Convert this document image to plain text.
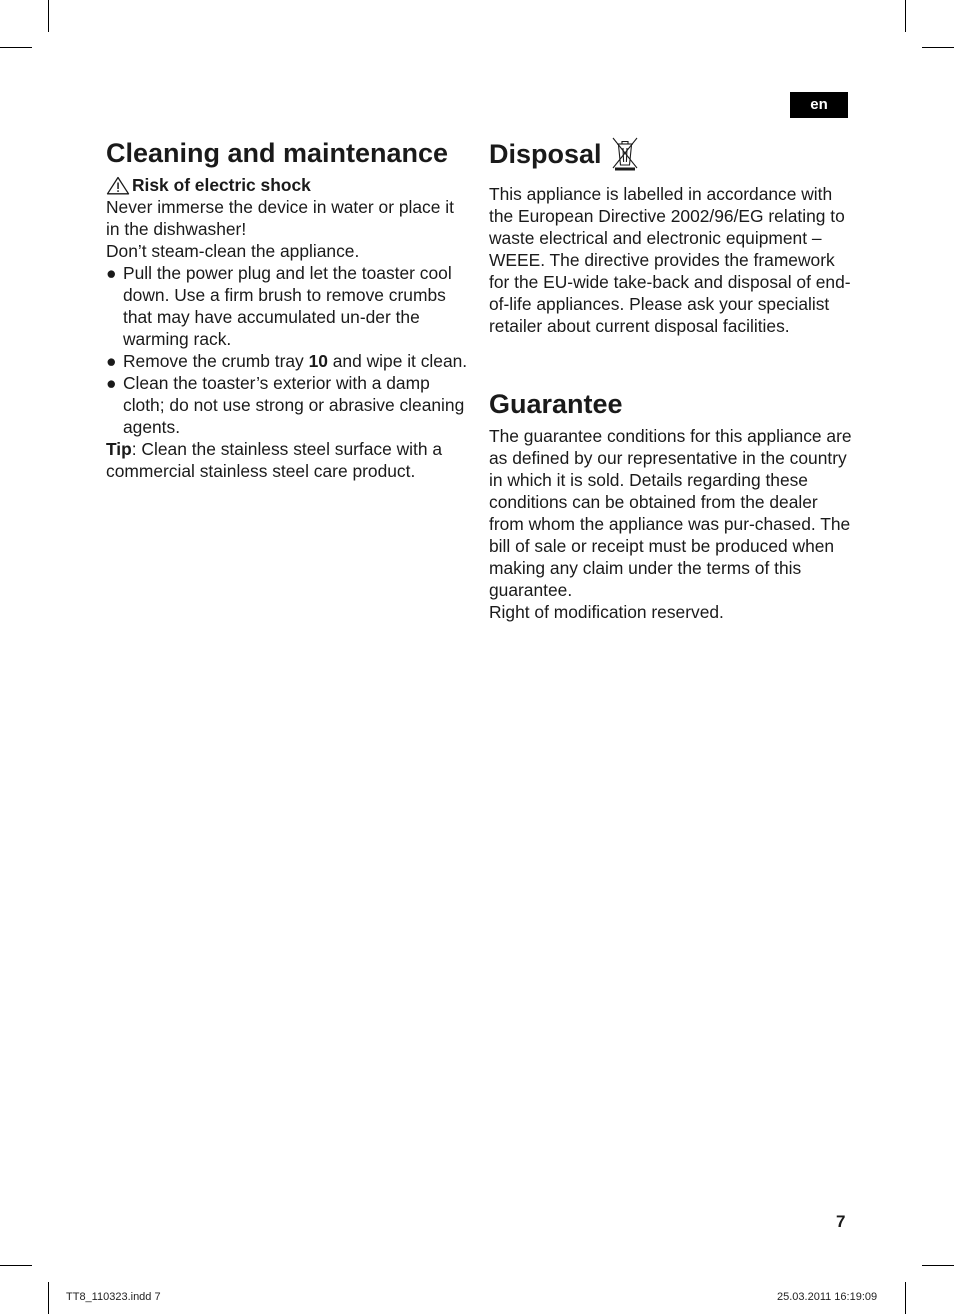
en
Cleaning and maintenance
Risk of electric shock

Never immerse the device in water or place it in the dishwasher!

Don’t steam-clean the appliance.

● Pull the power plug and let the toaster cool down. Use a firm brush to remove crumbs that may have accumulated un-der the warming rack.
● Remove the crumb tray 10 and wipe it clean.
● Clean the toaster’s exterior with a damp cloth; do not use strong or abrasive cleaning agents.

Tip: Clean the stainless steel surface with a commercial stainless steel care product.

Disposal

This appliance is labelled in accordance with the European Directive 2002/96/EG relating to waste electrical and electronic equipment – WEEE. The directive provides the framework for the EU-wide take-back and disposal of end-of-life appliances. Please ask your specialist retailer about current disposal facilities.

Guarantee

The guarantee conditions for this appliance are as defined by our representative in the country in which it is sold. Details regarding these conditions can be obtained from the dealer from whom the appliance was pur-chased. The bill of sale or receipt must be produced when making any claim under the terms of this guarantee.

Right of modification reserved.

7
TT8_110323.indd 7	25.03.2011 16:19:09
